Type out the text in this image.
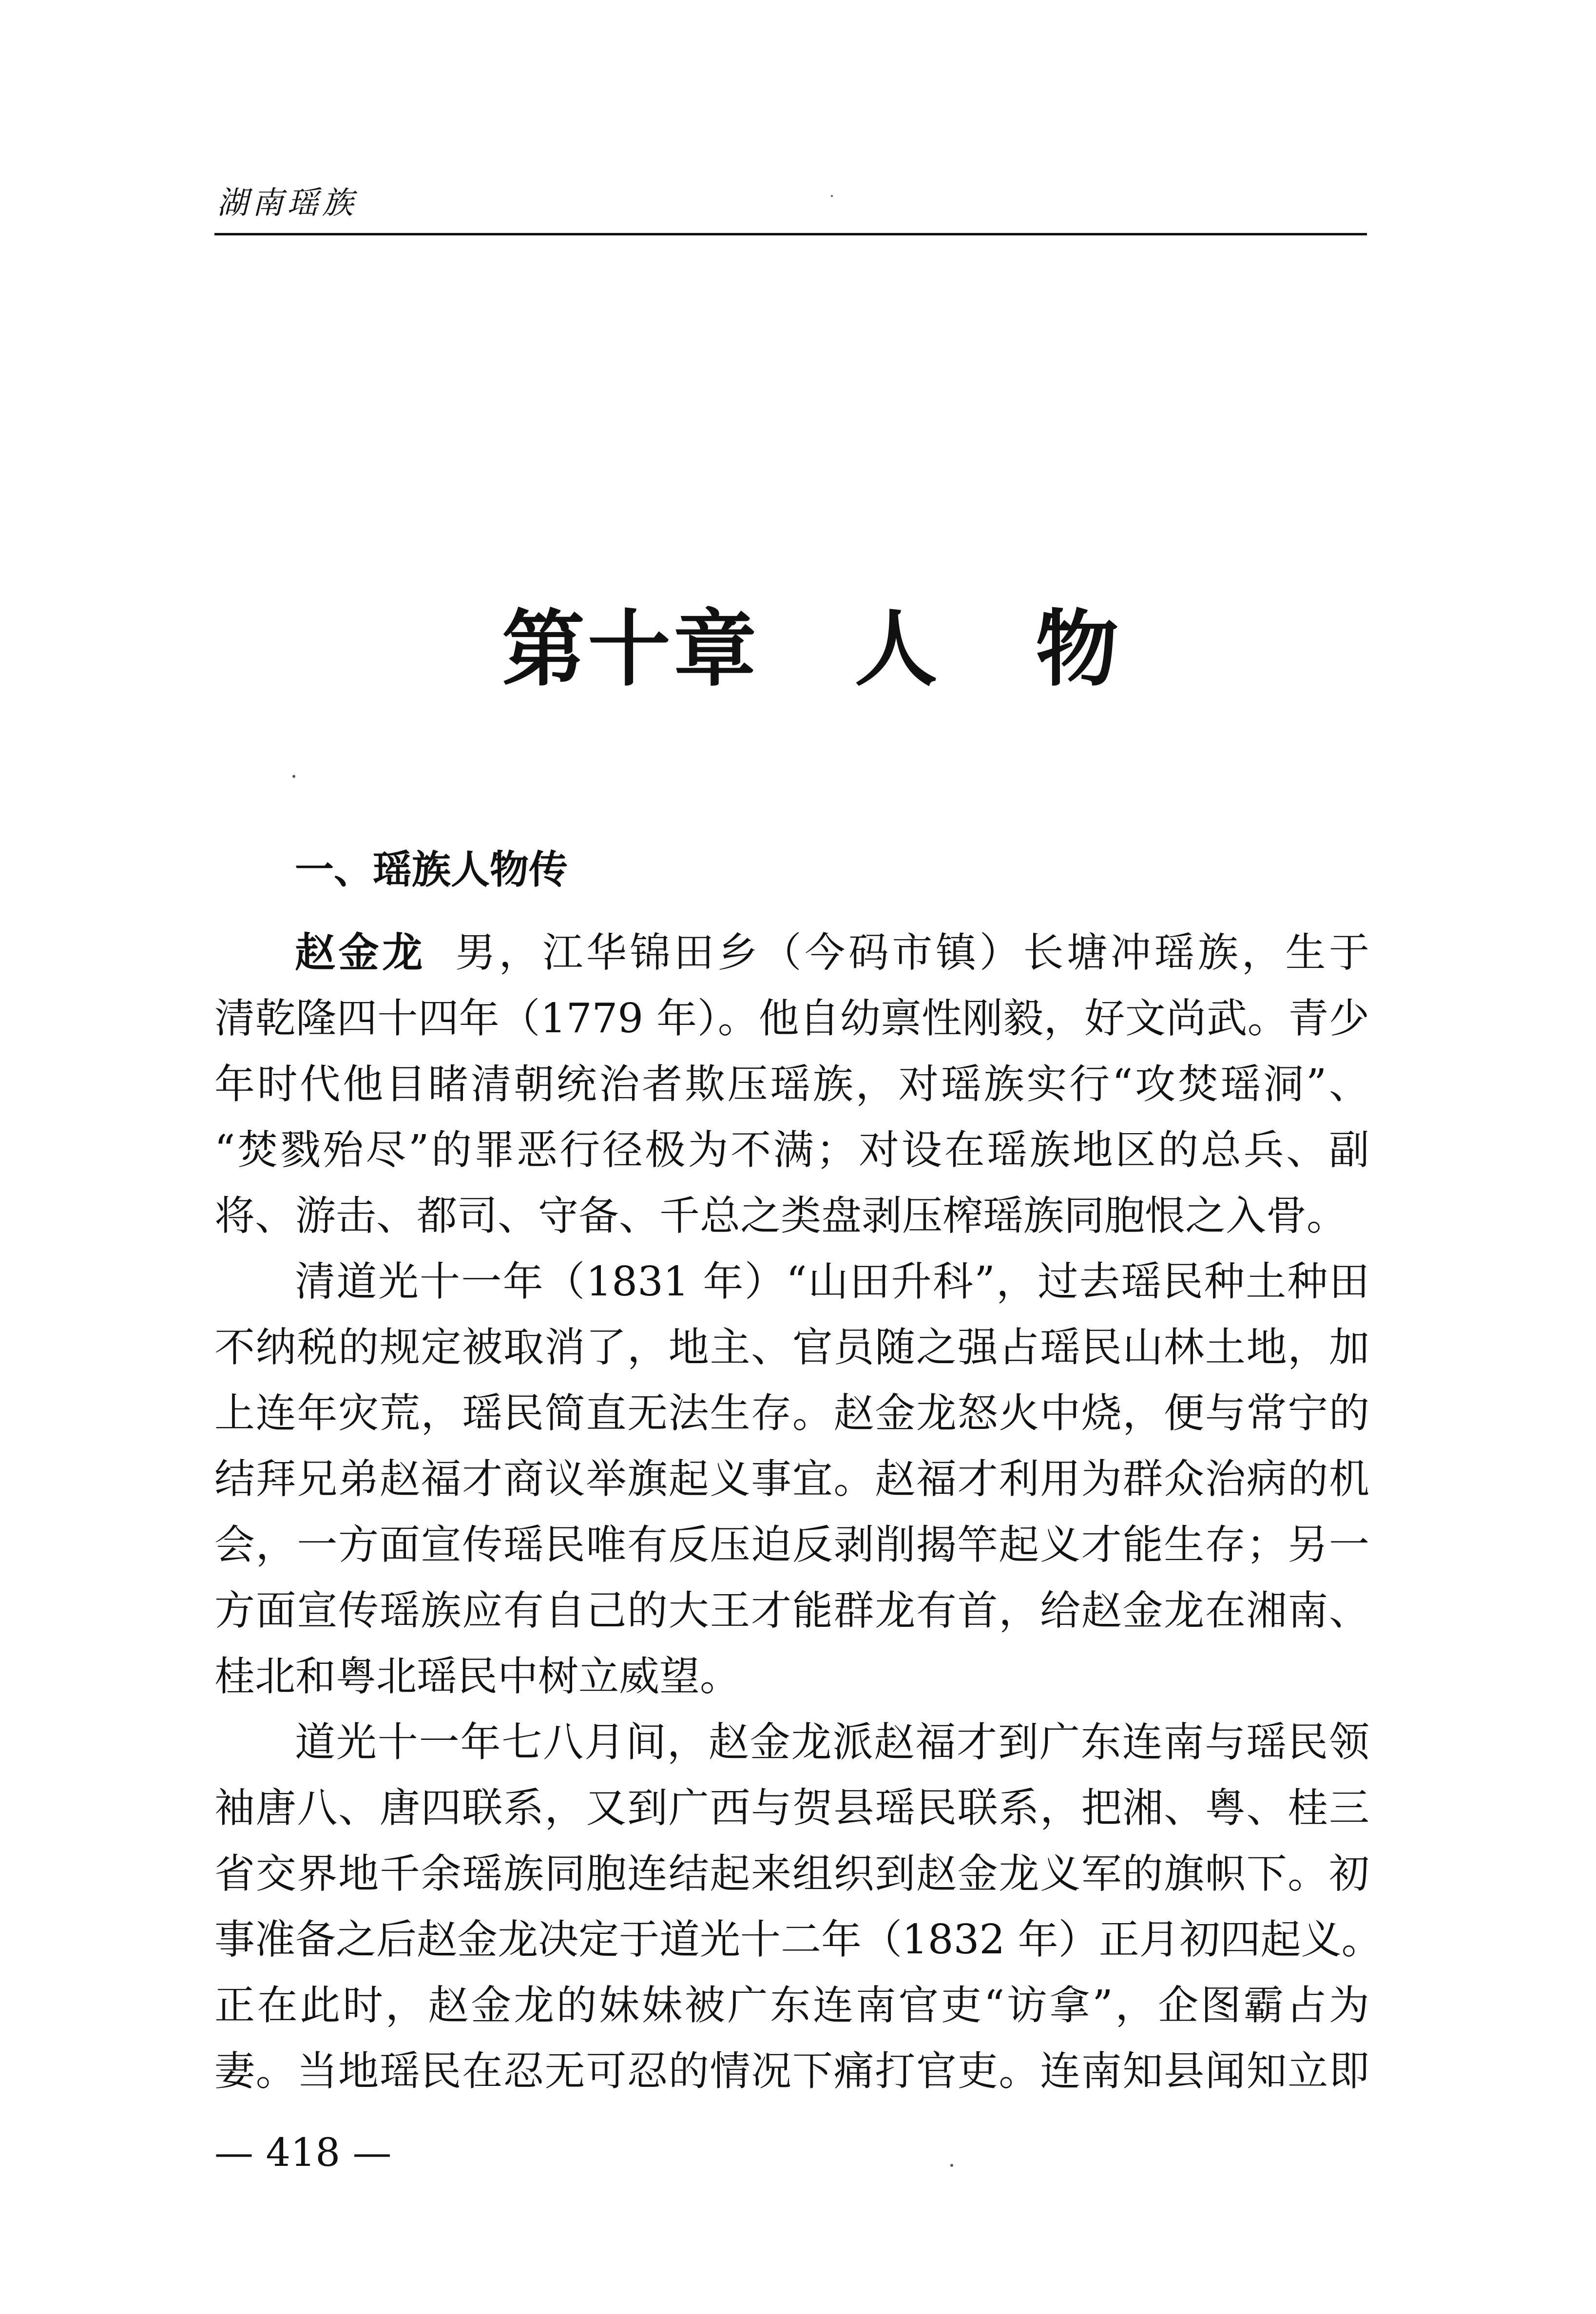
湖南瑶族
第十章   人   物
一、瑶族人物传
赵金龙 男，江华锦田乡（今码市镇）长塘冲瑶族，生于
清乾隆四十四年（1779 年）。他自幼禀性刚毅，好文尚武。青少
年时代他目睹清朝统治者欺压瑶族，对瑶族实行“攻焚瑶洞”、
“焚戮殆尽”的罪恶行径极为不满；对设在瑶族地区的总兵、副
将、游击、都司、守备、千总之类盘剥压榨瑶族同胞恨之入骨。
清道光十一年（1831 年）“山田升科”，过去瑶民种土种田
不纳税的规定被取消了，地主、官员随之强占瑶民山林土地，加
上连年灾荒，瑶民简直无法生存。赵金龙怒火中烧，便与常宁的
结拜兄弟赵福才商议举旗起义事宜。赵福才利用为群众治病的机
会，一方面宣传瑶民唯有反压迫反剥削揭竿起义才能生存；另一
方面宣传瑶族应有自己的大王才能群龙有首，给赵金龙在湘南、
桂北和粤北瑶民中树立威望。
道光十一年七八月间，赵金龙派赵福才到广东连南与瑶民领
袖唐八、唐四联系，又到广西与贺县瑶民联系，把湘、粤、桂三
省交界地千余瑶族同胞连结起来组织到赵金龙义军的旗帜下。初
事准备之后赵金龙决定于道光十二年（1832 年）正月初四起义。
正在此时，赵金龙的妹妹被广东连南官吏“访拿”，企图霸占为
妻。当地瑶民在忍无可忍的情况下痛打官吏。连南知县闻知立即
— 418 —
